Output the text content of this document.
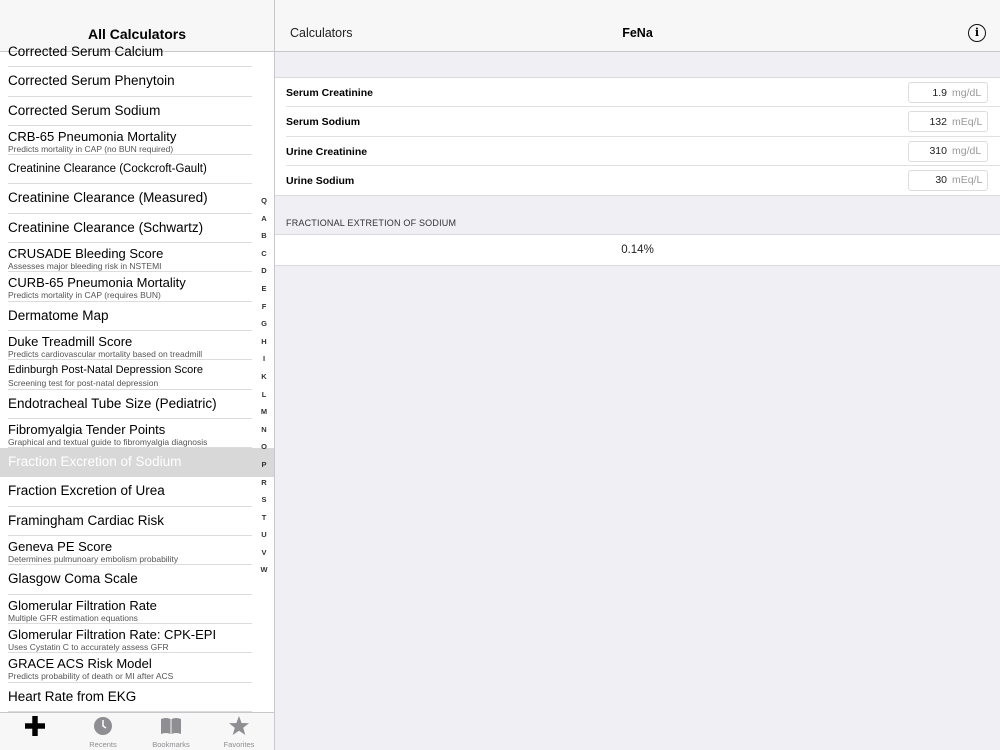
All Calculators
Corrected Serum Calcium
Corrected Serum Phenytoin
Corrected Serum Sodium
CRB-65 Pneumonia Mortality
Predicts mortality in CAP (no BUN required)
Creatinine Clearance (Cockcroft-Gault)
Creatinine Clearance (Measured)
Creatinine Clearance (Schwartz)
CRUSADE Bleeding Score
Assesses major bleeding risk in NSTEMI
CURB-65 Pneumonia Mortality
Predicts mortality in CAP (requires BUN)
Dermatome Map
Duke Treadmill Score
Predicts cardiovascular mortality based on treadmill
Edinburgh Post-Natal Depression Score
Screening test for post-natal depression
Endotracheal Tube Size (Pediatric)
Fibromyalgia Tender Points
Graphical and textual guide to fibromyalgia diagnosis
Fraction Excretion of Sodium
Fraction Excretion of Urea
Framingham Cardiac Risk
Geneva PE Score
Determines pulmunoary embolism probability
Glasgow Coma Scale
Glomerular Filtration Rate
Multiple GFR estimation equations
Glomerular Filtration Rate: CPK-EPI
Uses Cystatin C to accurately assess GFR
GRACE ACS Risk Model
Predicts probability of death or MI after ACS
Heart Rate from EKG
Q
A
B
C
D
E
F
G
H
I
K
L
M
N
O
P
R
S
T
U
V
W
Recents	Bookmarks	Favorites
Calculators	FeNa	i
Serum Creatinine
1.9	mg/dL
Serum Sodium
132	mEq/L
Urine Creatinine
310	mg/dL
Urine Sodium
30	mEq/L
FRACTIONAL EXTRETION OF SODIUM
0.14%
